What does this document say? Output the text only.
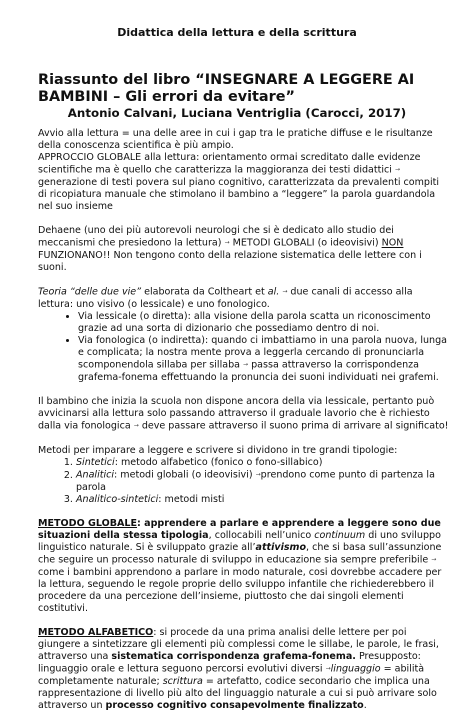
Didattica della lettura e della scrittura
Riassunto del libro “INSEGNARE A LEGGERE AI BAMBINI – Gli errori da evitare”
Antonio Calvani, Luciana Ventriglia (Carocci, 2017)

Avvio alla lettura = una delle aree in cui i gap tra le pratiche diffuse e le risultanze della conoscenza scientifica è più ampio.
APPROCCIO GLOBALE alla lettura: orientamento ormai screditato dalle evidenze scientifiche ma è quello che caratterizza la maggioranza dei testi didattici → generazione di testi povera sul piano cognitivo, caratterizzata da prevalenti compiti di ricopiatura manuale che stimolano il bambino a “leggere” la parola guardandola nel suo insieme

Dehaene (uno dei più autorevoli neurologi che si è dedicato allo studio dei meccanismi che presiedono la lettura) → METODI GLOBALI (o ideovisivi) NON FUNZIONANO!! Non tengono conto della relazione sistematica delle lettere con i suoni.

Teoria “delle due vie” elaborata da Coltheart et al. → due canali di accesso alla lettura: uno visivo (o lessicale) e uno fonologico.

• Via lessicale (o diretta): alla visione della parola scatta un riconoscimento grazie ad una sorta di dizionario che possediamo dentro di noi.
• Via fonologica (o indiretta): quando ci imbattiamo in una parola nuova, lunga e complicata; la nostra mente prova a leggerla cercando di pronunciarla scomponendola sillaba per sillaba → passa attraverso la corrispondenza grafema-fonema effettuando la pronuncia dei suoni individuati nei grafemi.

Il bambino che inizia la scuola non dispone ancora della via lessicale, pertanto può avvicinarsi alla lettura solo passando attraverso il graduale lavorio che è richiesto dalla via fonologica → deve passare attraverso il suono prima di arrivare al significato!

Metodi per imparare a leggere e scrivere si dividono in tre grandi tipologie:

1. Sintetici: metodo alfabetico (fonico o fono-sillabico)
2. Analitici: metodi globali (o ideovisivi) →prendono come punto di partenza la parola
3. Analitico-sintetici: metodi misti

METODO GLOBALE: apprendere a parlare e apprendere a leggere sono due situazioni della stessa tipologia, collocabili nell’unico continuum di uno sviluppo linguistico naturale. Si è sviluppato grazie all’attivismo, che si basa sull’assunzione che seguire un processo naturale di sviluppo in educazione sia sempre preferibile → come i bambini apprendono a parlare in modo naturale, cosi dovrebbe accadere per la lettura, seguendo le regole proprie dello sviluppo infantile che richiederebbero il procedere da una percezione dell’insieme, piuttosto che dai singoli elementi costitutivi.

METODO ALFABETICO: si procede da una prima analisi delle lettere per poi giungere a sintetizzare gli elementi più complessi come le sillabe, le parole, le frasi, attraverso una sistematica corrispondenza grafema-fonema. Presupposto: linguaggio orale e lettura seguono percorsi evolutivi diversi →linguaggio = abilità completamente naturale; scrittura = artefatto, codice secondario che implica una rappresentazione di livello più alto del linguaggio naturale a cui si può arrivare solo attraverso un processo cognitivo consapevolmente finalizzato.
